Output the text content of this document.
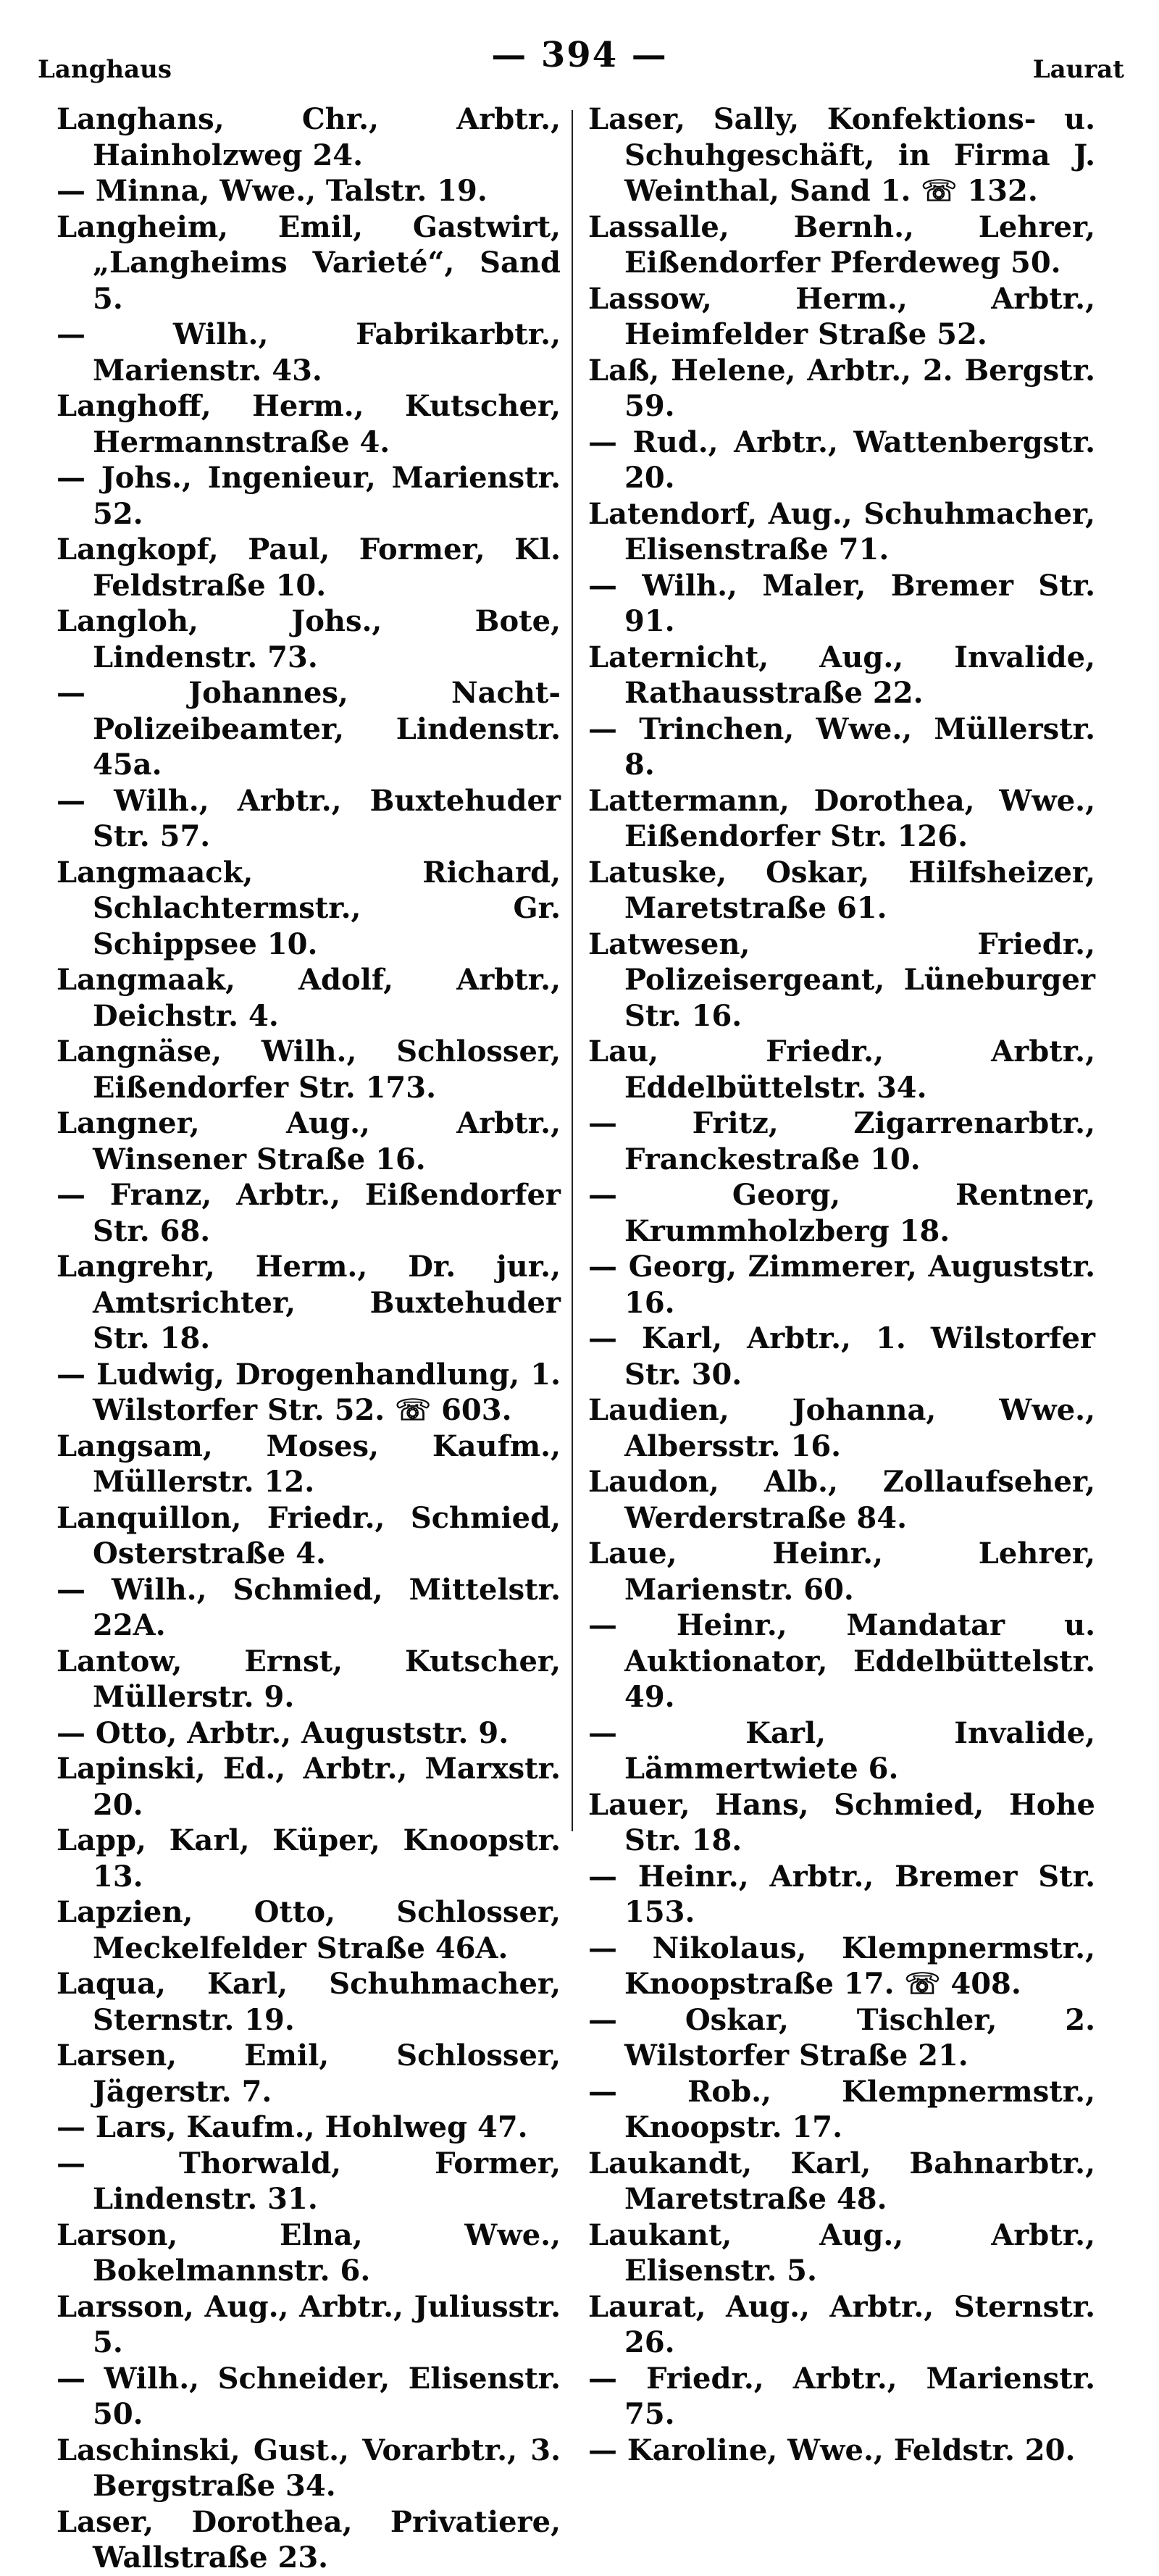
Langhaus	— 394 —	Laurat

Langhans, Chr., Arbtr., Hainholzweg 24.

— Minna, Wwe., Talstr. 19.

Langheim, Emil, Gastwirt, „Langheims Varieté“, Sand 5.

— Wilh., Fabrikarbtr., Marienstr. 43.

Langhoff, Herm., Kutscher, Hermannstraße 4.

— Johs., Ingenieur, Marienstr. 52.

Langkopf, Paul, Former, Kl. Feldstraße 10.

Langloh, Johs., Bote, Lindenstr. 73.

— Johannes, Nacht-Polizeibeamter, Lindenstr. 45a.

— Wilh., Arbtr., Buxtehuder Str. 57.

Langmaack, Richard, Schlachtermstr., Gr. Schippsee 10.

Langmaak, Adolf, Arbtr., Deichstr. 4.

Langnäse, Wilh., Schlosser, Eißendorfer Str. 173.

Langner, Aug., Arbtr., Winsener Straße 16.

— Franz, Arbtr., Eißendorfer Str. 68.

Langrehr, Herm., Dr. jur., Amtsrichter, Buxtehuder Str. 18.

— Ludwig, Drogenhandlung, 1. Wilstorfer Str. 52. ☏ 603.

Langsam, Moses, Kaufm., Müllerstr. 12.

Lanquillon, Friedr., Schmied, Osterstraße 4.

— Wilh., Schmied, Mittelstr. 22A.

Lantow, Ernst, Kutscher, Müllerstr. 9.

— Otto, Arbtr., Auguststr. 9.

Lapinski, Ed., Arbtr., Marxstr. 20.

Lapp, Karl, Küper, Knoopstr. 13.

Lapzien, Otto, Schlosser, Meckelfelder Straße 46A.

Laqua, Karl, Schuhmacher, Sternstr. 19.

Larsen, Emil, Schlosser, Jägerstr. 7.

— Lars, Kaufm., Hohlweg 47.

— Thorwald, Former, Lindenstr. 31.

Larson, Elna, Wwe., Bokelmannstr. 6.

Larsson, Aug., Arbtr., Juliusstr. 5.

— Wilh., Schneider, Elisenstr. 50.

Laschinski, Gust., Vorarbtr., 3. Bergstraße 34.

Laser, Dorothea, Privatiere, Wallstraße 23.

Laser, Sally, Konfektions- u. Schuhgeschäft, in Firma J. Weinthal, Sand 1. ☏ 132.

Lassalle, Bernh., Lehrer, Eißendorfer Pferdeweg 50.

Lassow, Herm., Arbtr., Heimfelder Straße 52.

Laß, Helene, Arbtr., 2. Bergstr. 59.

— Rud., Arbtr., Wattenbergstr. 20.

Latendorf, Aug., Schuhmacher, Elisenstraße 71.

— Wilh., Maler, Bremer Str. 91.

Laternicht, Aug., Invalide, Rathausstraße 22.

— Trinchen, Wwe., Müllerstr. 8.

Lattermann, Dorothea, Wwe., Eißendorfer Str. 126.

Latuske, Oskar, Hilfsheizer, Maretstraße 61.

Latwesen, Friedr., Polizeisergeant, Lüneburger Str. 16.

Lau, Friedr., Arbtr., Eddelbüttelstr. 34.

— Fritz, Zigarrenarbtr., Franckestraße 10.

— Georg, Rentner, Krummholzberg 18.

— Georg, Zimmerer, Auguststr. 16.

— Karl, Arbtr., 1. Wilstorfer Str. 30.

Laudien, Johanna, Wwe., Albersstr. 16.

Laudon, Alb., Zollaufseher, Werderstraße 84.

Laue, Heinr., Lehrer, Marienstr. 60.

— Heinr., Mandatar u. Auktionator, Eddelbüttelstr. 49.

— Karl, Invalide, Lämmertwiete 6.

Lauer, Hans, Schmied, Hohe Str. 18.

— Heinr., Arbtr., Bremer Str. 153.

— Nikolaus, Klempnermstr., Knoopstraße 17. ☏ 408.

— Oskar, Tischler, 2. Wilstorfer Straße 21.

— Rob., Klempnermstr., Knoopstr. 17.

Laukandt, Karl, Bahnarbtr., Maretstraße 48.

Laukant, Aug., Arbtr., Elisenstr. 5.

Laurat, Aug., Arbtr., Sternstr. 26.

— Friedr., Arbtr., Marienstr. 75.

— Karoline, Wwe., Feldstr. 20.
